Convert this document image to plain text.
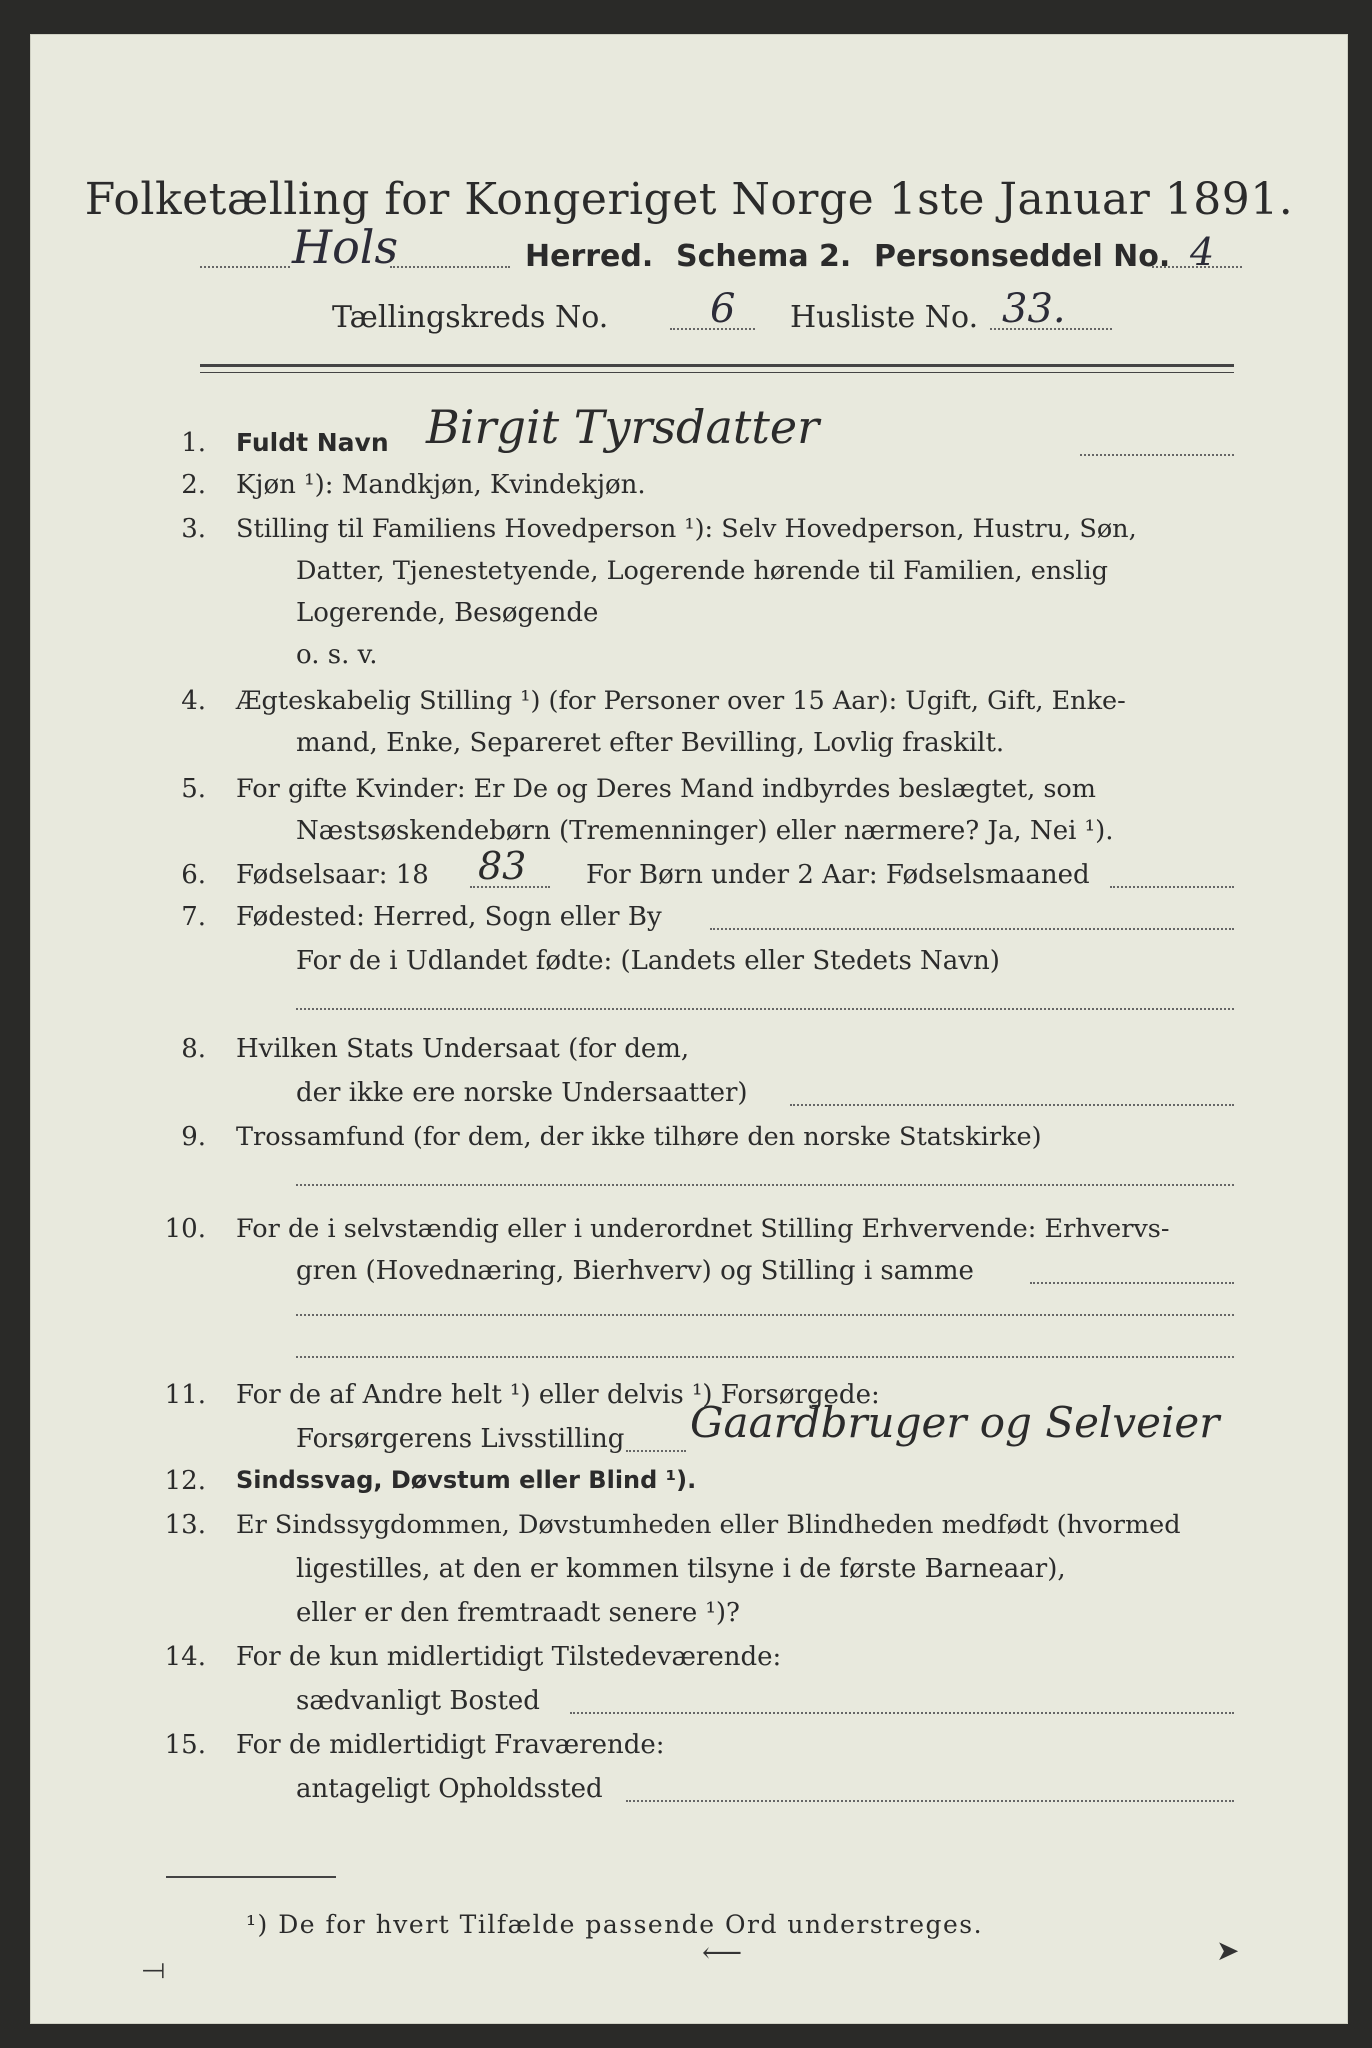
Folketælling for Kongeriget Norge 1ste Januar 1891.
Hols	Herred. Schema 2. Personseddel No. 4
Tællingskreds No.	6 Husliste No. 33.
1. Fuldt Navn Birgit Tyrsdatter
2. Kjøn ¹): Mandkjøn, Kvindekjøn.
3. Stilling til Familiens Hovedperson ¹): Selv Hovedperson, Hustru, Søn,
Datter, Tjenestetyende, Logerende hørende til Familien, enslig
Logerende, Besøgende
o. s. v.
4. Ægteskabelig Stilling ¹) (for Personer over 15 Aar): Ugift, Gift, Enke-
mand, Enke, Separeret efter Bevilling, Lovlig fraskilt.
5. For gifte Kvinder: Er De og Deres Mand indbyrdes beslægtet, som
Næstsøskendebørn (Tremenninger) eller nærmere? Ja, Nei ¹).
6. Fødselsaar: 18 83 For Børn under 2 Aar: Fødselsmaaned
7. Fødested: Herred, Sogn eller By
For de i Udlandet fødte: (Landets eller Stedets Navn)
8. Hvilken Stats Undersaat (for dem,
der ikke ere norske Undersaatter)
9. Trossamfund (for dem, der ikke tilhøre den norske Statskirke)
10. For de i selvstændig eller i underordnet Stilling Erhvervende: Erhvervs-
gren (Hovednæring, Bierhverv) og Stilling i samme
11. For de af Andre helt ¹) eller delvis ¹) Forsørgede:
Forsørgerens Livsstilling Gaardbruger og Selveier
12. Sindssvag, Døvstum eller Blind ¹).
13. Er Sindssygdommen, Døvstumheden eller Blindheden medfødt (hvormed
ligestilles, at den er kommen tilsyne i de første Barneaar),
eller er den fremtraadt senere ¹)?
14. For de kun midlertidigt Tilstedeværende:
sædvanligt Bosted
15. For de midlertidigt Fraværende:
antageligt Opholdssted
¹) De for hvert Tilfælde passende Ord understreges.
⟞	⟵	➤
